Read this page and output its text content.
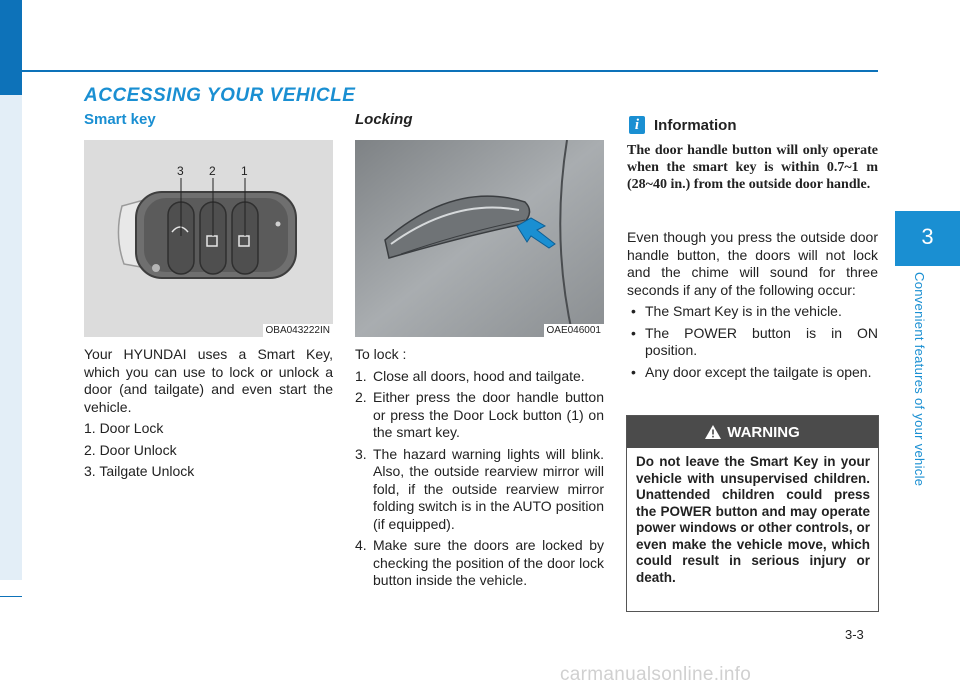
ACCESSING YOUR VEHICLE
Smart key
3 2 1
OBA043222IN

Your HYUNDAI uses a Smart Key, which you can use to lock or unlock a door (and tailgate) and even start the vehicle.

1. Door Lock
2. Door Unlock
3. Tailgate Unlock
Locking
OAE046001
To lock :
1. Close all doors, hood and tailgate.
2. Either press the door handle button or press the Door Lock button (1) on the smart key.
3. The hazard warning lights will blink. Also, the outside rearview mirror will fold, if the outside rearview mirror folding switch is in the AUTO position (if equipped).
4. Make sure the doors are locked by checking the position of the door lock button inside the vehicle.
i Information
The door handle button will only operate when the smart key is within 0.7~1 m (28~40 in.) from the outside door handle.

Even though you press the outside door handle button, the doors will not lock and the chime will sound for three seconds if any of the following occur:

• The Smart Key is in the vehicle.
• The POWER button is in ON position.
• Any door except the tailgate is open.
WARNING
Do not leave the Smart Key in your vehicle with unsupervised children. Unattended children could press the POWER button and may operate power windows or other controls, or even make the vehicle move, which could result in serious injury or death.
3
Convenient features of your vehicle
3-3
carmanualsonline.info
